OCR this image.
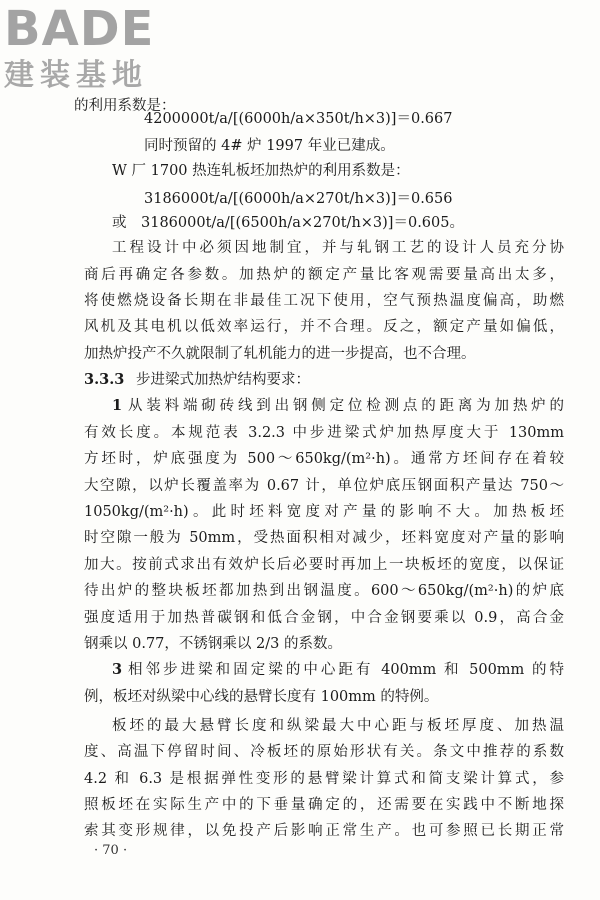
BADE
建装基地
的利用系数是：
4200000t/a/[(6000h/a×350t/h×3)]＝0.667
同时预留的 4# 炉 1997 年业已建成。
W 厂 1700 热连轧板坯加热炉的利用系数是：
3186000t/a/[(6000h/a×270t/h×3)]＝0.656
或　3186000t/a/[(6500h/a×270t/h×3)]＝0.605。
工程设计中必须因地制宜，并与轧钢工艺的设计人员充分协
商后再确定各参数。加热炉的额定产量比客观需要量高出太多，
将使燃烧设备长期在非最佳工况下使用，空气预热温度偏高，助燃
风机及其电机以低效率运行，并不合理。反之，额定产量如偏低，
加热炉投产不久就限制了轧机能力的进一步提高，也不合理。
3.3.3 步进梁式加热炉结构要求：
1 从装料端砌砖线到出钢侧定位检测点的距离为加热炉的
有效长度。本规范表 3.2.3 中步进梁式炉加热厚度大于 130mm
方坯时，炉底强度为 500～650kg/(m²·h)。通常方坯间存在着较
大空隙，以炉长覆盖率为 0.67 计，单位炉底压钢面积产量达 750～
1050kg/(m²·h)。此时坯料宽度对产量的影响不大。加热板坯
时空隙一般为 50mm，受热面积相对减少，坯料宽度对产量的影响
加大。按前式求出有效炉长后必要时再加上一块板坯的宽度，以保证
待出炉的整块板坯都加热到出钢温度。600～650kg/(m²·h)的炉底
强度适用于加热普碳钢和低合金钢，中合金钢要乘以 0.9，高合金
钢乘以 0.77，不锈钢乘以 2/3 的系数。
3 相邻步进梁和固定梁的中心距有 400mm 和 500mm 的特
例，板坯对纵梁中心线的悬臂长度有 100mm 的特例。
板坯的最大悬臂长度和纵梁最大中心距与板坯厚度、加热温
度、高温下停留时间、冷板坯的原始形状有关。条文中推荐的系数
4.2 和 6.3 是根据弹性变形的悬臂梁计算式和简支梁计算式，参
照板坯在实际生产中的下垂量确定的，还需要在实践中不断地探
索其变形规律，以免投产后影响正常生产。也可参照已长期正常
· 70 ·
